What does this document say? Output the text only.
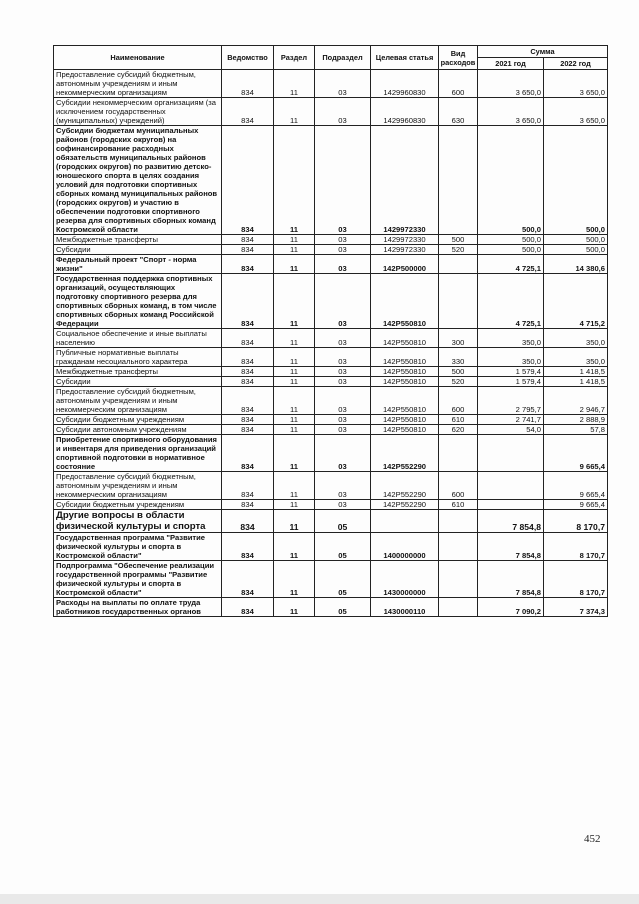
Наименование	Ведомство	Раздел	Подраздел	Целевая статья	Вид расходов	Сумма	
						2021 год	2022 год
Предоставление субсидий бюджетным, автономным учреждениям и иным некоммерческим организациям	834	11	03	1429960830	600	3 650,0	3 650,0
Субсидии некоммерческим организациям (за исключением государственных (муниципальных) учреждений)	834	11	03	1429960830	630	3 650,0	3 650,0
Субсидии бюджетам муниципальных районов (городских округов) на софинансирование расходных обязательств муниципальных районов (городских округов) по развитию детско-юношеского спорта в целях создания условий для подготовки спортивных сборных команд муниципальных районов (городских округов) и участию в обеспечении подготовки спортивного резерва для спортивных сборных команд Костромской области	834	11	03	1429972330		500,0	500,0
Межбюджетные трансферты	834	11	03	1429972330	500	500,0	500,0
Субсидии	834	11	03	1429972330	520	500,0	500,0
Федеральный проект "Спорт - норма жизни"	834	11	03	142P500000		4 725,1	14 380,6
Государственная поддержка спортивных организаций, осуществляющих подготовку спортивного резерва для спортивных сборных команд, в том числе спортивных сборных команд Российской Федерации	834	11	03	142P550810		4 725,1	4 715,2
Социальное обеспечение и иные выплаты населению	834	11	03	142P550810	300	350,0	350,0
Публичные нормативные выплаты гражданам несоциального характера	834	11	03	142P550810	330	350,0	350,0
Межбюджетные трансферты	834	11	03	142P550810	500	1 579,4	1 418,5
Субсидии	834	11	03	142P550810	520	1 579,4	1 418,5
Предоставление субсидий бюджетным, автономным учреждениям и иным некоммерческим организациям	834	11	03	142P550810	600	2 795,7	2 946,7
Субсидии бюджетным учреждениям	834	11	03	142P550810	610	2 741,7	2 888,9
Субсидии автономным учреждениям	834	11	03	142P550810	620	54,0	57,8
Приобретение спортивного оборудования и инвентаря для приведения организаций спортивной подготовки в нормативное состояние	834	11	03	142P552290			9 665,4
Предоставление субсидий бюджетным, автономным учреждениям и иным некоммерческим организациям	834	11	03	142P552290	600		9 665,4
Субсидии бюджетным учреждениям	834	11	03	142P552290	610		9 665,4
Другие вопросы в области физической культуры и спорта	834	11	05			7 854,8	8 170,7
Государственная программа "Развитие физической культуры и спорта в Костромской области"	834	11	05	1400000000		7 854,8	8 170,7
Подпрограмма "Обеспечение реализации государственной программы "Развитие физической культуры и спорта в Костромской области"	834	11	05	1430000000		7 854,8	8 170,7
Расходы на выплаты по оплате труда работников государственных органов	834	11	05	1430000110		7 090,2	7 374,3
452
